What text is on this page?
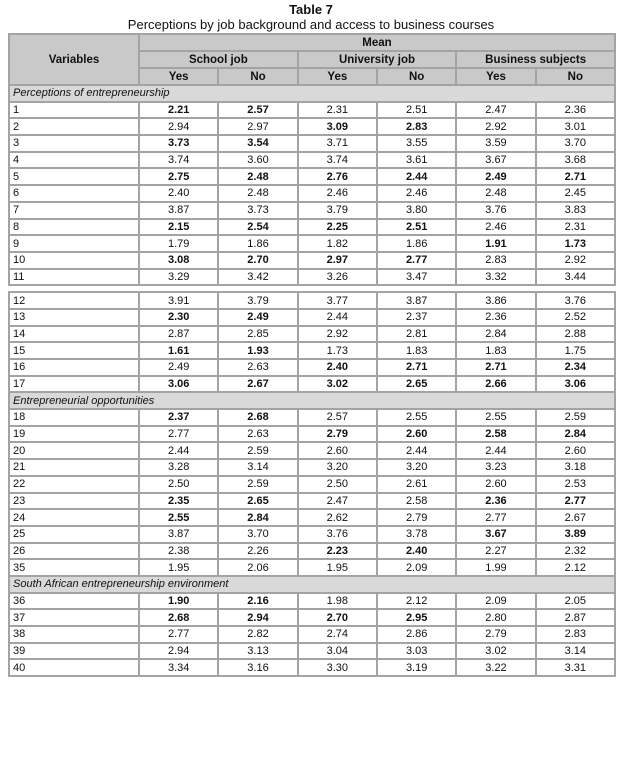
Table 7
Perceptions by job background and access to business courses
Variables	Mean					
	School job		University job		Business subjects	
	Yes	No	Yes	No	Yes	No
Perceptions of entrepreneurship						
1	2.21	2.57	2.31	2.51	2.47	2.36
2	2.94	2.97	3.09	2.83	2.92	3.01
3	3.73	3.54	3.71	3.55	3.59	3.70
4	3.74	3.60	3.74	3.61	3.67	3.68
5	2.75	2.48	2.76	2.44	2.49	2.71
6	2.40	2.48	2.46	2.46	2.48	2.45
7	3.87	3.73	3.79	3.80	3.76	3.83
8	2.15	2.54	2.25	2.51	2.46	2.31
9	1.79	1.86	1.82	1.86	1.91	1.73
10	3.08	2.70	2.97	2.77	2.83	2.92
11	3.29	3.42	3.26	3.47	3.32	3.44
12	3.91	3.79	3.77	3.87	3.86	3.76
13	2.30	2.49	2.44	2.37	2.36	2.52
14	2.87	2.85	2.92	2.81	2.84	2.88
15	1.61	1.93	1.73	1.83	1.83	1.75
16	2.49	2.63	2.40	2.71	2.71	2.34
17	3.06	2.67	3.02	2.65	2.66	3.06
Entrepreneurial opportunities						
18	2.37	2.68	2.57	2.55	2.55	2.59
19	2.77	2.63	2.79	2.60	2.58	2.84
20	2.44	2.59	2.60	2.44	2.44	2.60
21	3.28	3.14	3.20	3.20	3.23	3.18
22	2.50	2.59	2.50	2.61	2.60	2.53
23	2.35	2.65	2.47	2.58	2.36	2.77
24	2.55	2.84	2.62	2.79	2.77	2.67
25	3.87	3.70	3.76	3.78	3.67	3.89
26	2.38	2.26	2.23	2.40	2.27	2.32
35	1.95	2.06	1.95	2.09	1.99	2.12
South African entrepreneurship environment						
36	1.90	2.16	1.98	2.12	2.09	2.05
37	2.68	2.94	2.70	2.95	2.80	2.87
38	2.77	2.82	2.74	2.86	2.79	2.83
39	2.94	3.13	3.04	3.03	3.02	3.14
40	3.34	3.16	3.30	3.19	3.22	3.31
